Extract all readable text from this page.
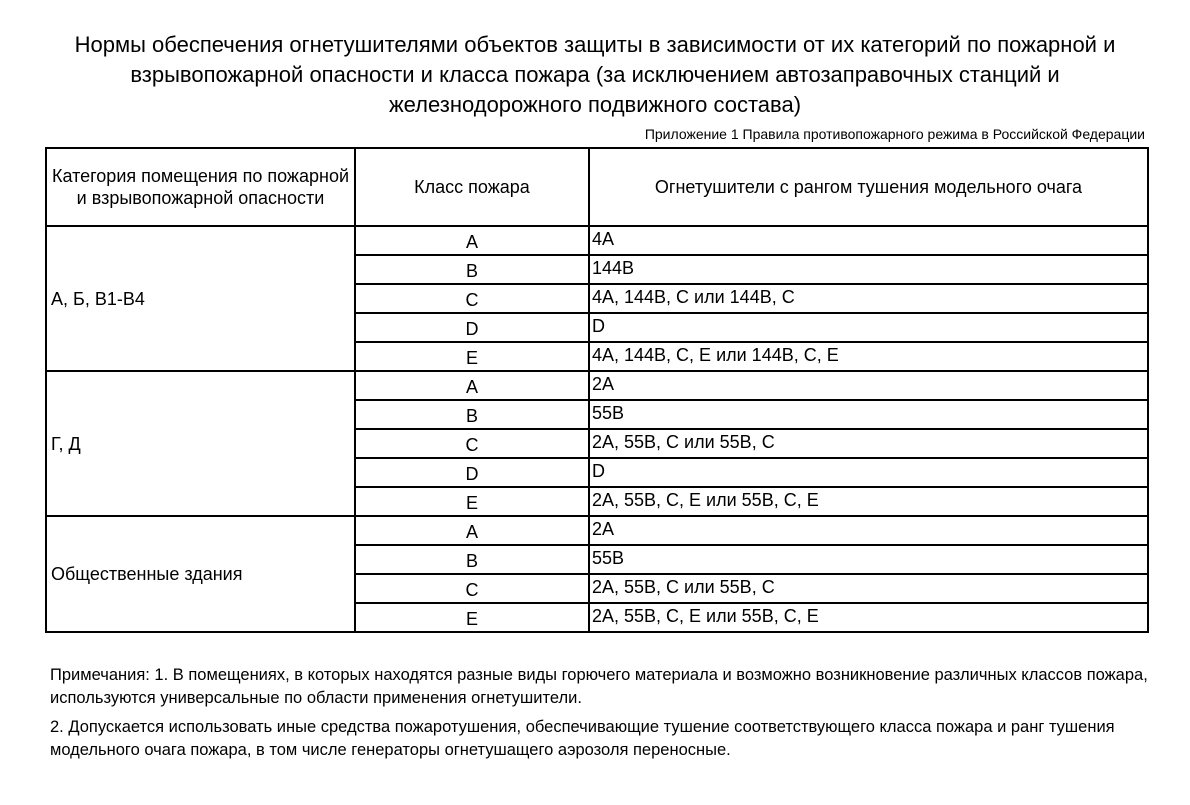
Нормы обеспечения огнетушителями объектов защиты в зависимости от их категорий по пожарной и взрывопожарной опасности и класса пожара (за исключением автозаправочных станций и железнодорожного подвижного состава)
Приложение 1 Правила противопожарного режима в Российской Федерации
Категория помещения по пожарной и взрывопожарной опасности	Класс пожара	Огнетушители с рангом тушения модельного очага
А, Б, В1-В4	A	4А
	B	144В
	C	4А, 144В, С или 144В, С
	D	D
	E	4А, 144В, С, Е или 144В, С, Е
Г, Д	A	2А
	B	55В
	C	2А, 55В, С или 55В, С
	D	D
	E	2А, 55В, С, Е или 55В, С, Е
Общественные здания	A	2А
	B	55В
	C	2А, 55В, С или 55В, С
	E	2А, 55В, С, Е или 55В, С, Е

Примечания: 1. В помещениях, в которых находятся разные виды горючего материала и возможно возникновение различных классов пожара, используются универсальные по области применения огнетушители.

2. Допускается использовать иные средства пожаротушения, обеспечивающие тушение соответствующего класса пожара и ранг тушения модельного очага пожара, в том числе генераторы огнетушащего аэрозоля переносные.
